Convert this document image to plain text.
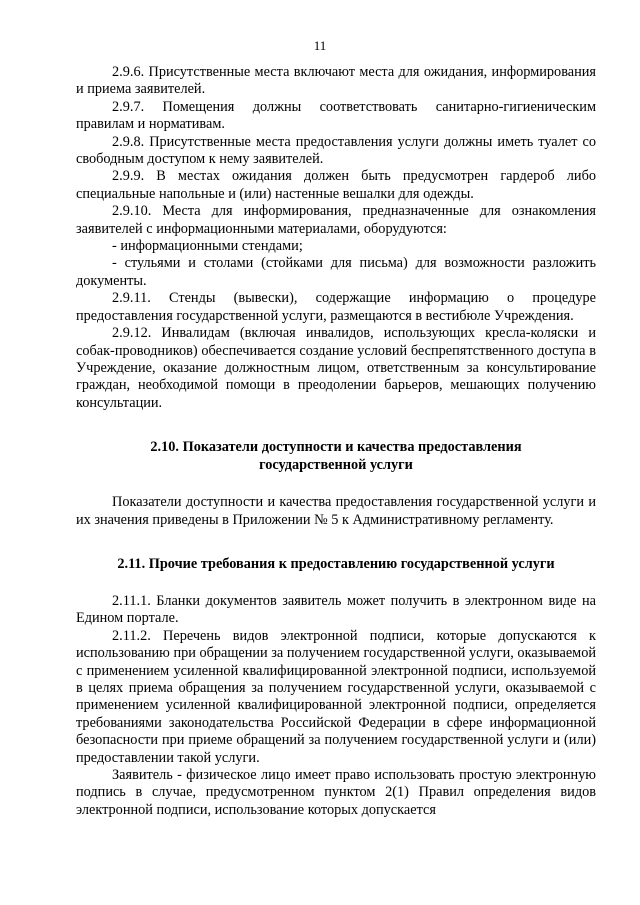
11

2.9.6. Присутственные места включают места для ожидания, информирования и приема заявителей.

2.9.7. Помещения должны соответствовать санитарно-гигиеническим правилам и нормативам.

2.9.8. Присутственные места предоставления услуги должны иметь туалет со свободным доступом к нему заявителей.

2.9.9. В местах ожидания должен быть предусмотрен гардероб либо специальные напольные и (или) настенные вешалки для одежды.

2.9.10. Места для информирования, предназначенные для ознакомления заявителей с информационными материалами, оборудуются:

- информационными стендами;

- стульями и столами (стойками для письма) для возможности разложить документы.

2.9.11. Стенды (вывески), содержащие информацию о процедуре предоставления государственной услуги, размещаются в вестибюле Учреждения.

2.9.12. Инвалидам (включая инвалидов, использующих кресла-коляски и собак-проводников) обеспечивается создание условий беспрепятственного доступа в Учреждение, оказание должностным лицом, ответственным за консультирование граждан, необходимой помощи в преодолении барьеров, мешающих получению консультации.

2.10. Показатели доступности и качества предоставления
государственной услуги

Показатели доступности и качества предоставления государственной услуги и их значения приведены в Приложении № 5 к Административному регламенту.

2.11. Прочие требования к предоставлению государственной услуги

2.11.1. Бланки документов заявитель может получить в электронном виде на Едином портале.

2.11.2. Перечень видов электронной подписи, которые допускаются к использованию при обращении за получением государственной услуги, оказываемой с применением усиленной квалифицированной электронной подписи, используемой в целях приема обращения за получением государственной услуги, оказываемой с применением усиленной квалифицированной электронной подписи, определяется требованиями законодательства Российской Федерации в сфере информационной безопасности при приеме обращений за получением государственной услуги и (или) предоставлении такой услуги.

Заявитель - физическое лицо имеет право использовать простую электронную подпись в случае, предусмотренном пунктом 2(1) Правил определения видов электронной подписи, использование которых допускается
